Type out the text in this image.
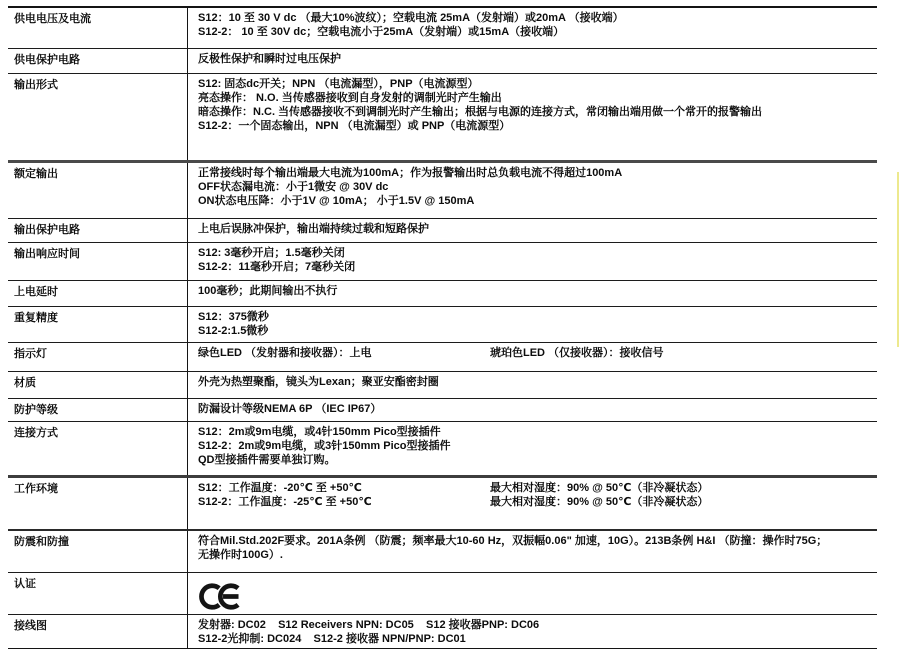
供电电压及电流	S12：10 至 30 V dc （最大10%波纹）；空载电流 25mA（发射端）或20mA （接收端）
S12-2： 10 至 30V dc；空载电流小于25mA（发射端）或15mA（接收端）
供电保护电路	反极性保护和瞬时过电压保护
输出形式	S12: 固态dc开关；NPN （电流漏型），PNP（电流源型）
亮态操作： N.O. 当传感器接收到自身发射的调制光时产生输出
暗态操作：N.C. 当传感器接收不到调制光时产生输出；根据与电源的连接方式，常闭输出端用做一个常开的报警输出
S12-2：一个固态输出，NPN （电流漏型）或 PNP（电流源型）
额定输出	正常接线时每个输出端最大电流为100mA；作为报警输出时总负载电流不得超过100mA
OFF状态漏电流：小于1微安 @ 30V dc
ON状态电压降：小于1V @ 10mA； 小于1.5V @ 150mA
输出保护电路	上电后误脉冲保护，输出端持续过载和短路保护
输出响应时间	S12: 3毫秒开启；1.5毫秒关闭
S12-2：11毫秒开启；7毫秒关闭
上电延时	100毫秒；此期间输出不执行
重复精度	S12：375微秒
S12-2:1.5微秒
指示灯	绿色LED （发射器和接收器）：上电	琥珀色LED （仅接收器）：接收信号
材质	外壳为热塑聚酯，镜头为Lexan；聚亚安酯密封圈
防护等级	防漏设计等级NEMA 6P （IEC IP67）
连接方式	S12：2m或9m电缆，或4针150mm Pico型接插件
S12-2：2m或9m电缆，或3针150mm Pico型接插件
QD型接插件需要单独订购。
工作环境	S12：工作温度：-20℃ 至 +50℃	最大相对湿度：90% @ 50℃（非冷凝状态）
S12-2：工作温度：-25℃ 至 +50℃	最大相对湿度：90% @ 50℃（非冷凝状态）
防震和防撞	符合Mil.Std.202F要求。201A条例 （防震；频率最大10-60 Hz，双振幅0.06" 加速，10G）。213B条例 H&I （防撞：操作时75G；
无操作时100G）.
认证
接线图	发射器: DC02    S12 Receivers NPN: DC05    S12 接收器PNP: DC06
S12-2光抑制: DC024    S12-2 接收器 NPN/PNP: DC01
